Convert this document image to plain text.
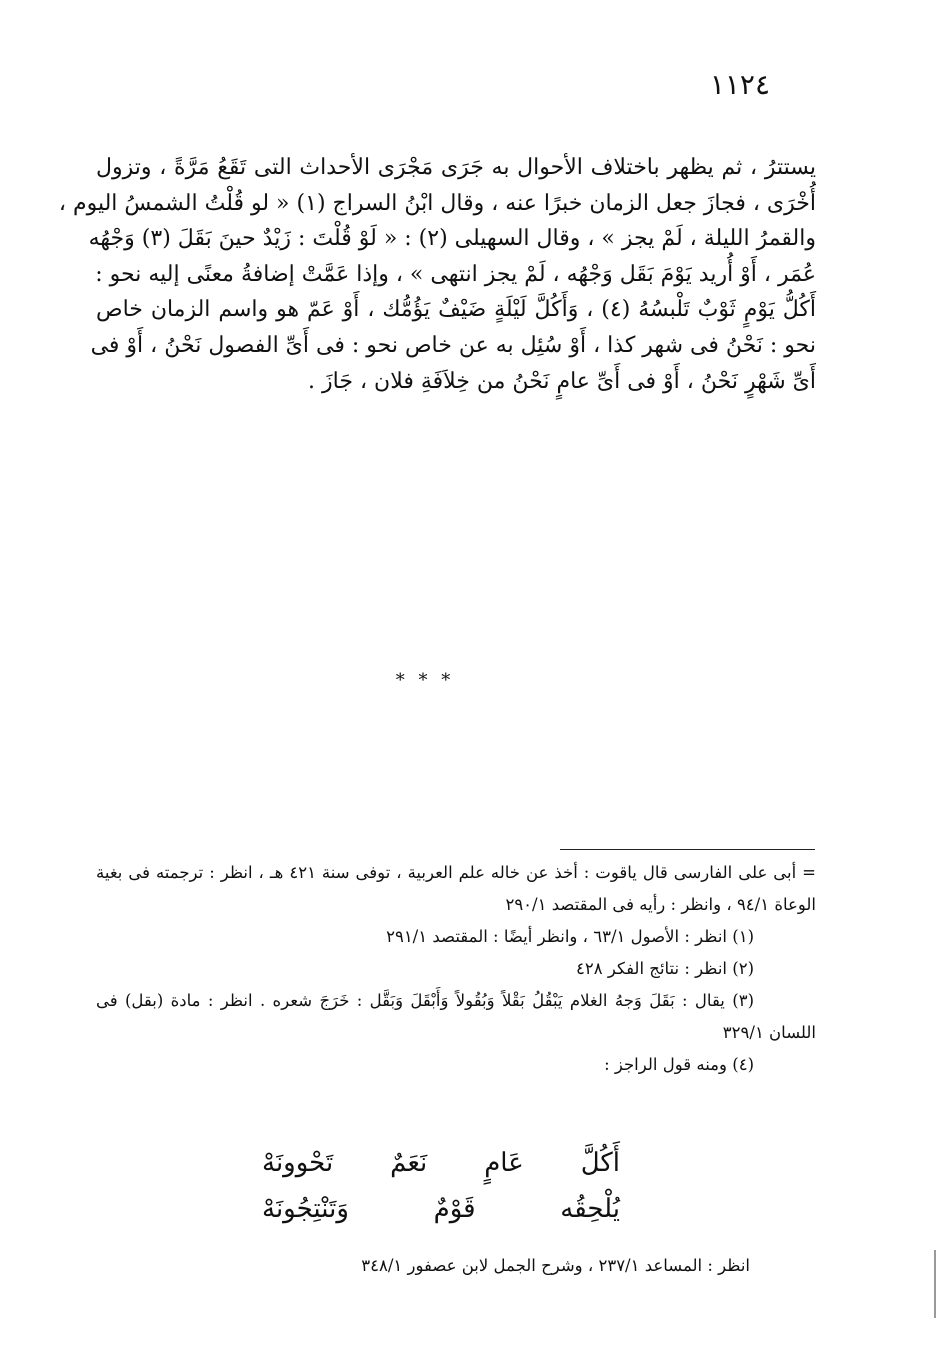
١١٢٤
يستترُ ، ثم يظهر باختلاف الأحوال به جَرَى مَجْرَى الأحداث التى تَقَعُ مَرَّةً ، وتزول
أُخْرَى ، فجازَ جعل الزمان خبرًا عنه ، وقال ابْنُ السراج (١) « لو قُلْتُ الشمسُ اليوم ،
والقمرُ الليلة ، لَمْ يجز » ، وقال السهيلى (٢) : « لَوْ قُلْتَ : زَيْدٌ حينَ بَقَلَ (٣) وَجْهُه
عُمَر ، أَوْ أُريد يَوْمَ بَقَل وَجْهُه ، لَمْ يجز انتهى » ، وإذا عَمَّتْ إضافةُ معنًى إليه نحو :
أَكُلُّ يَوْمٍ ثَوْبٌ تَلْبسُهُ (٤) ، وَأَكُلَّ لَيْلَةٍ ضَيْفٌ يَؤُمُّك ، أَوْ عَمّ هو واسم الزمان خاص
نحو : نَحْنُ فى شهر كذا ، أَوْ سُئِل به عن خاص نحو : فى أَىِّ الفصول نَحْنُ ، أَوْ فى
أَىِّ شَهْرٍ نَحْنُ ، أَوْ فى أَىِّ عامٍ نَحْنُ من خِلاَفَةِ فلان ، جَازَ .
* * *
= أبى على الفارسى قال ياقوت : أخذ عن خاله علم العربية ، توفى سنة ٤٢١ هـ ، انظر : ترجمته فى بغية
الوعاة ٩٤/١ ، وانظر : رأيه فى المقتصد ٢٩٠/١
(١) انظر : الأصول ٦٣/١ ، وانظر أيضًا : المقتصد ٢٩١/١
(٢) انظر : نتائج الفكر ٤٢٨
(٣) يقال : بَقَلَ وَجهُ الغلام يَبْقُلُ بَقْلاً وَبُقُولاً وَأَبْقَلَ وَبَقَّل : خَرَجَ شعره . انظر : مادة (بقل) فى
اللسان ٣٢٩/١
(٤) ومنه قول الراجز :
أَكُلَّ عَامٍ نَعَمٌ تَحْوونَهْ
يُلْحِقُه قَوْمٌ وَتَنْتِجُونَهْ
انظر : المساعد ٢٣٧/١ ، وشرح الجمل لابن عصفور ٣٤٨/١
